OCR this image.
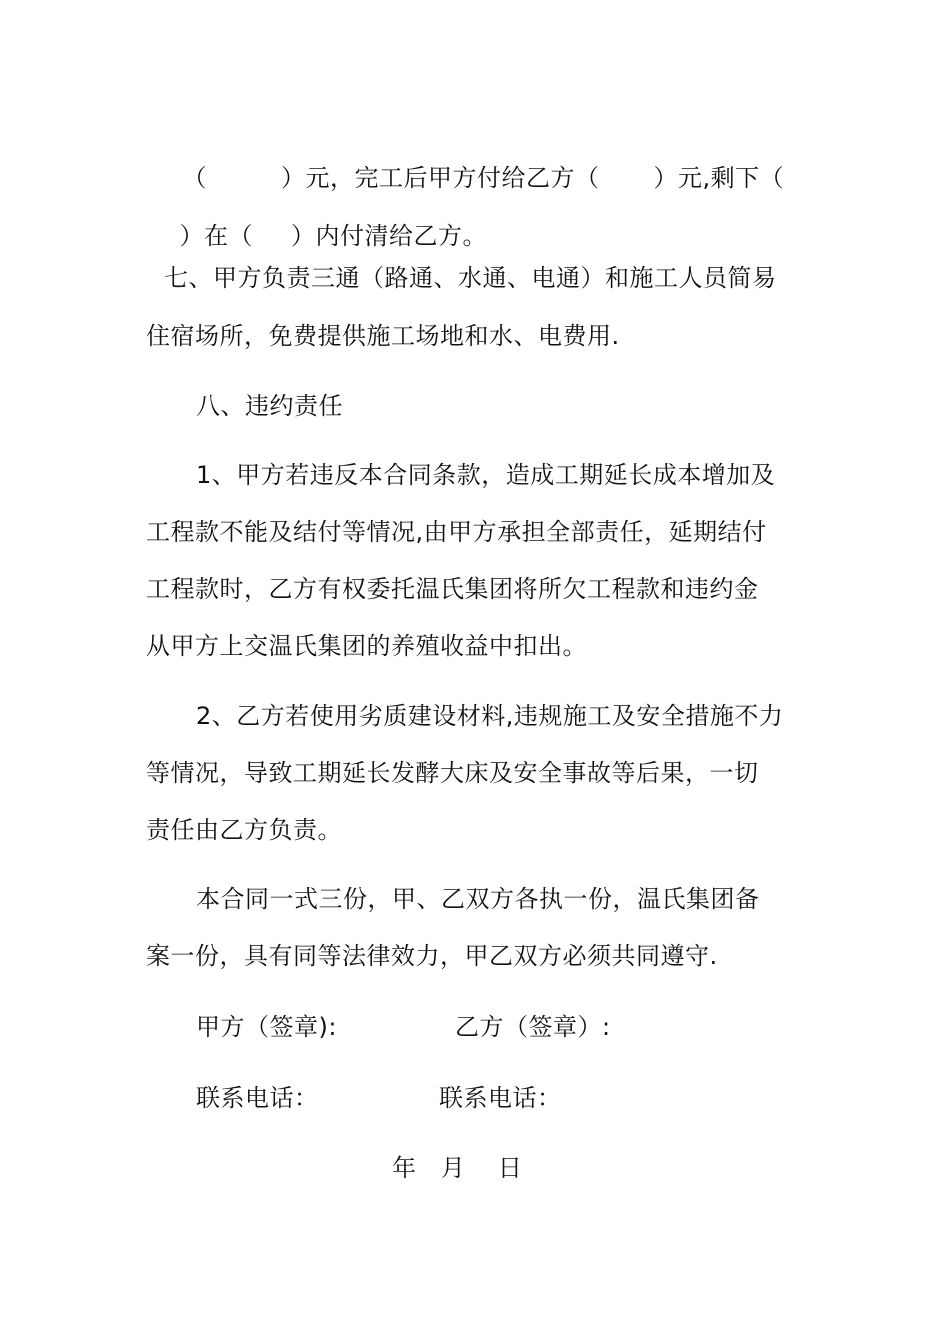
（	）元，完工后甲方付给乙方（ ）元,剩下（

）在（ ）内付清给乙方。

七、甲方负责三通（路通、水通、电通）和施工人员简易
住宿场所，免费提供施工场地和水、电费用.
八、违约责任
1、甲方若违反本合同条款，造成工期延长成本增加及
工程款不能及结付等情况,由甲方承担全部责任，延期结付
工程款时，乙方有权委托温氏集团将所欠工程款和违约金
从甲方上交温氏集团的养殖收益中扣出。
2、乙方若使用劣质建设材料,违规施工及安全措施不力
等情况，导致工期延长发酵大床及安全事故等后果，一切
责任由乙方负责。
本合同一式三份，甲、乙双方各执一份，温氏集团备
案一份，具有同等法律效力，甲乙双方必须共同遵守.
甲方（签章):	乙方（签章）:
联系电话：	联系电话：
年   月    日
